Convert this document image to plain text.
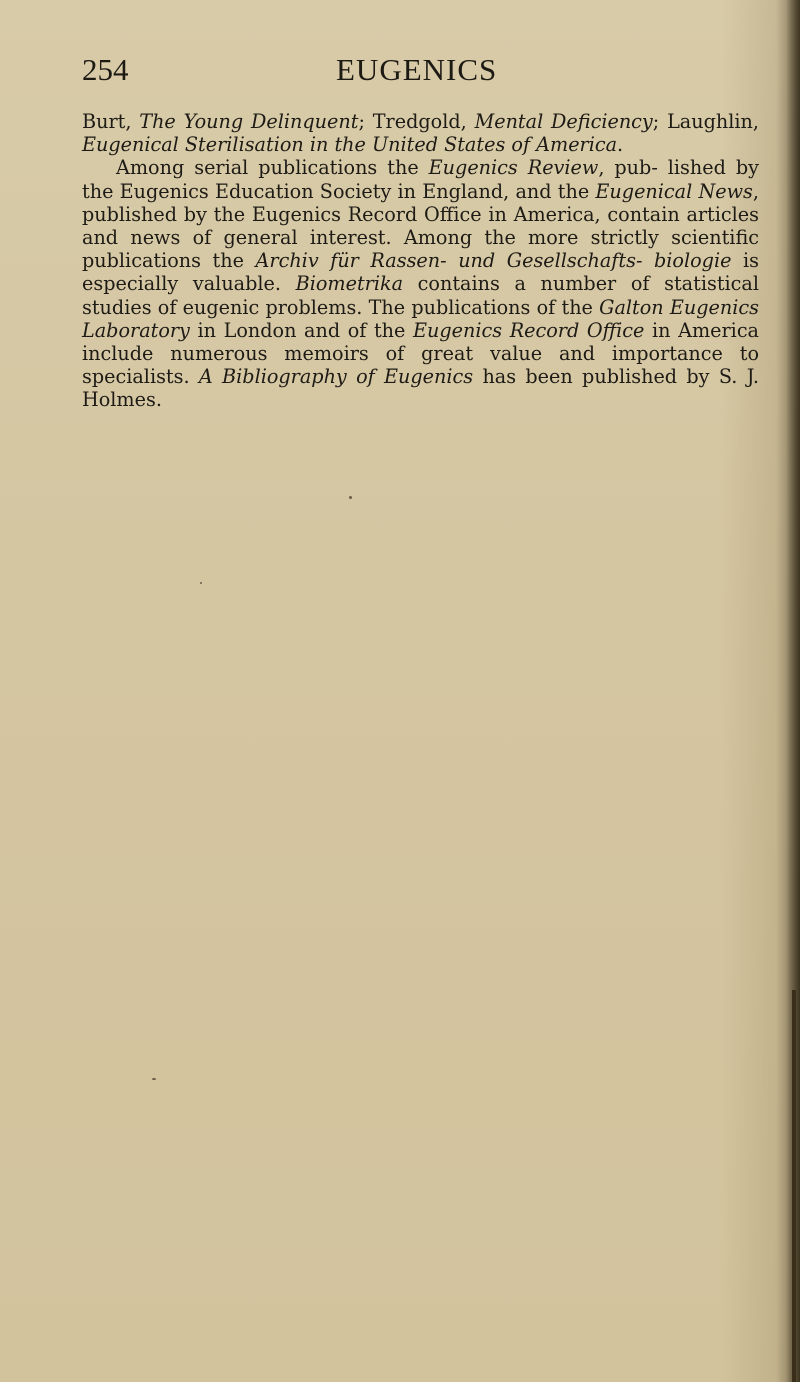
254	EUGENICS

Burt, The Young Delinquent; Tredgold, Mental Deficiency; Laughlin, Eugenical Sterilisation in the United States of America.

Among serial publications the Eugenics Review, pub- lished by the Eugenics Education Society in England, and the Eugenical News, published by the Eugenics Record Office in America, contain articles and news of general interest. Among the more strictly scientific publications the Archiv für Rassen- und Gesellschafts- biologie is especially valuable. Biometrika contains a number of statistical studies of eugenic problems. The publications of the Galton Eugenics Laboratory in London and of the Eugenics Record Office in America include numerous memoirs of great value and importance to specialists. A Bibliography of Eugenics has been published by S. J. Holmes.
